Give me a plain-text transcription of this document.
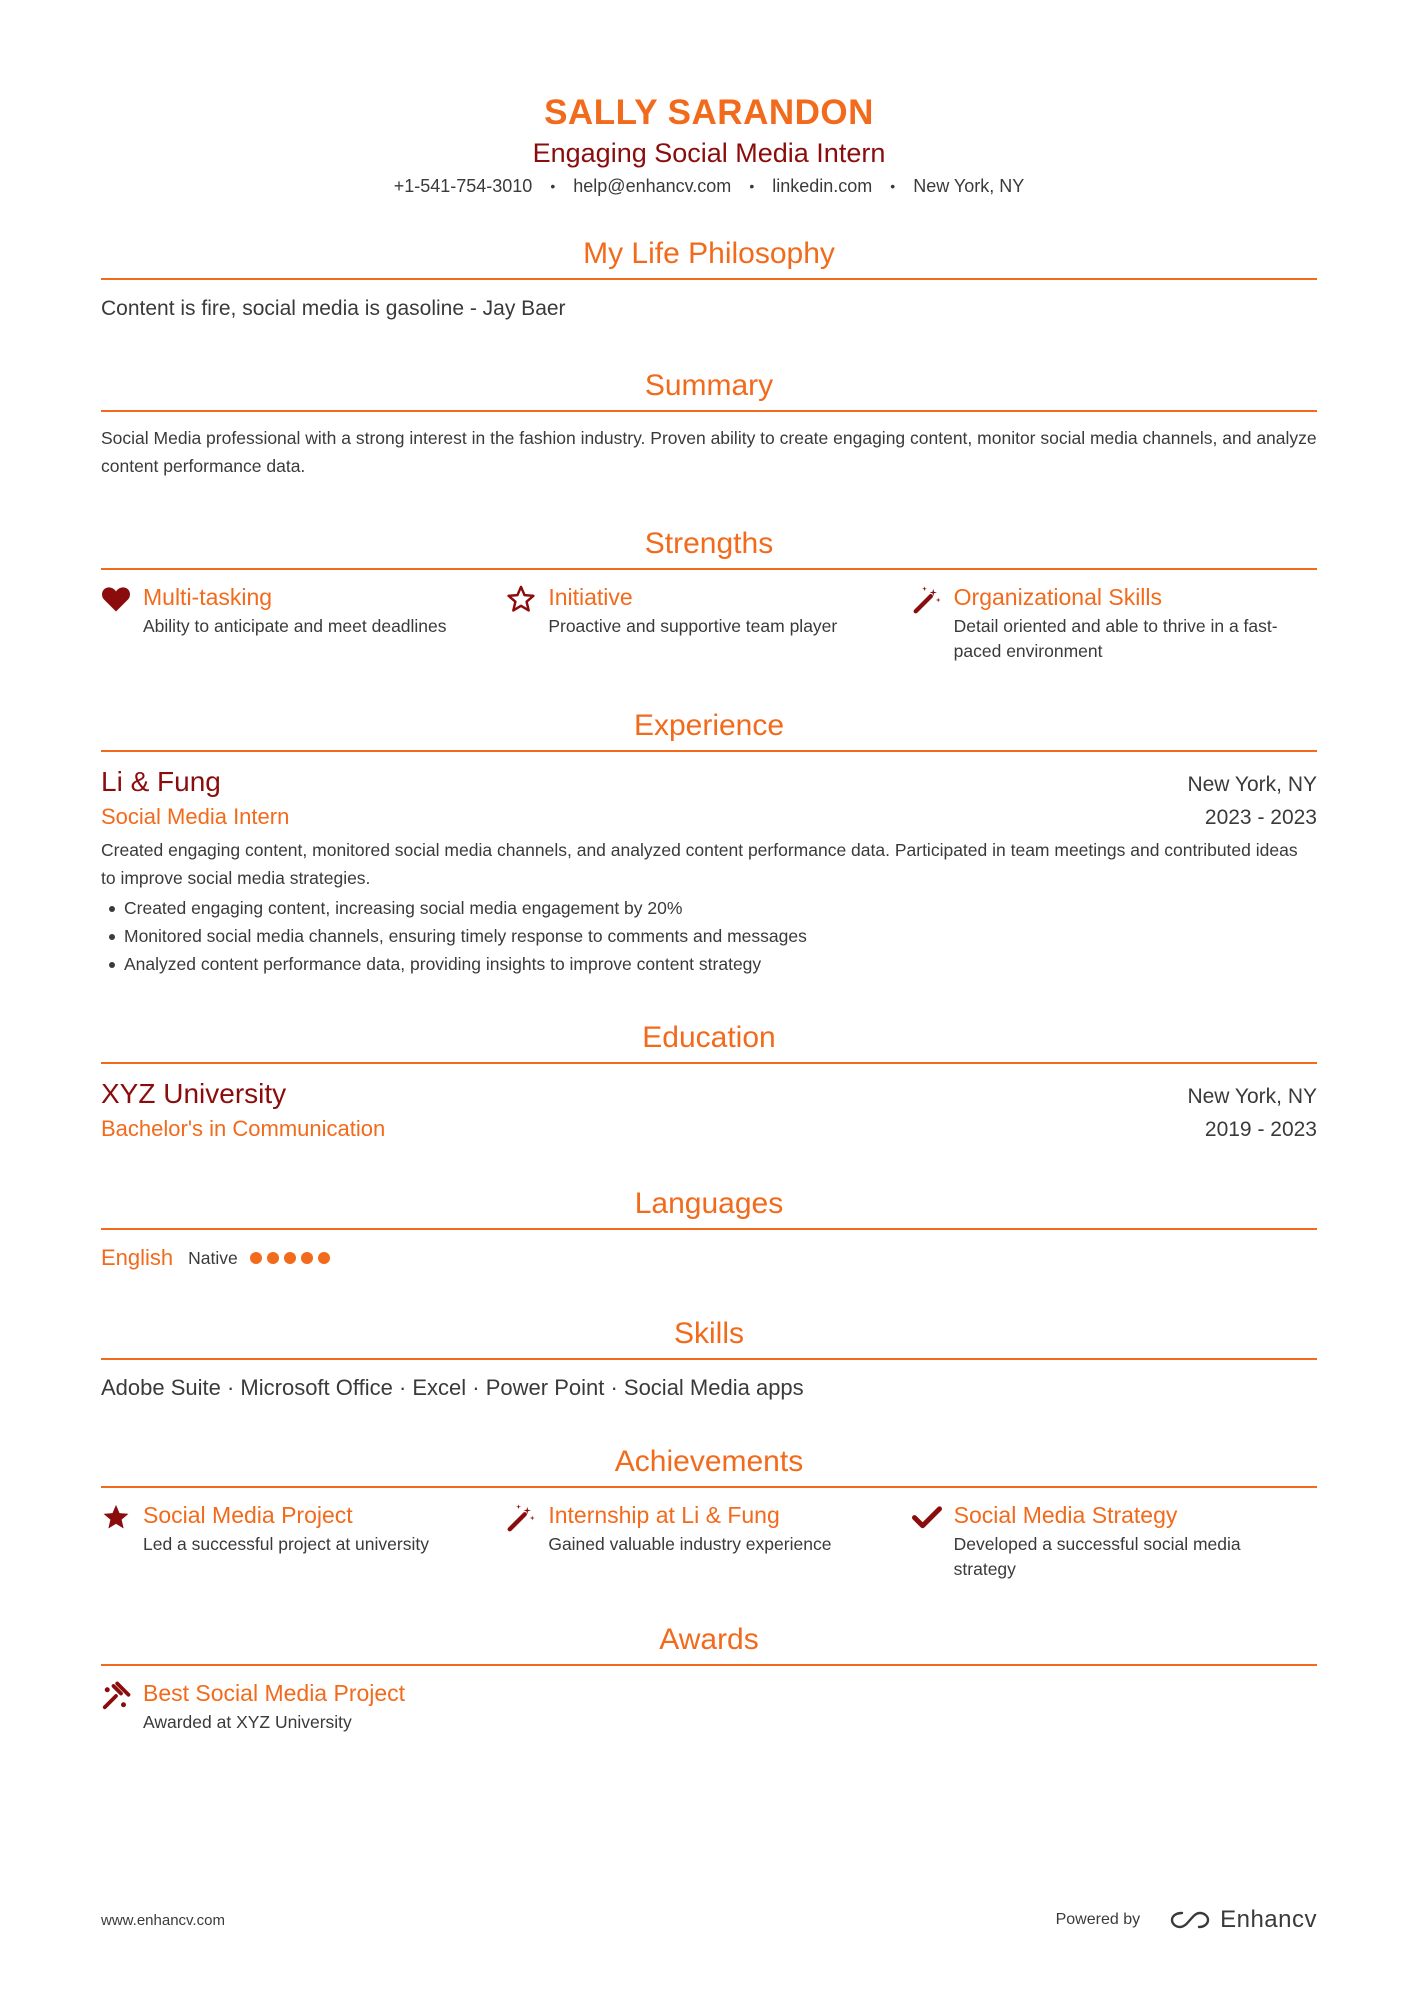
SALLY SARANDON
Engaging Social Media Intern
+1-541-754-3010 • help@enhancv.com • linkedin.com • New York, NY
My Life Philosophy
Content is fire, social media is gasoline - Jay Baer
Summary
Social Media professional with a strong interest in the fashion industry. Proven ability to create engaging content, monitor social media channels, and analyze content performance data.
Strengths
Multi-tasking
Ability to anticipate and meet deadlines
Initiative
Proactive and supportive team player
Organizational Skills
Detail oriented and able to thrive in a fast-paced environment
Experience
Li & Fung	New York, NY
Social Media Intern	2023 - 2023
Created engaging content, monitored social media channels, and analyzed content performance data. Participated in team meetings and contributed ideas to improve social media strategies.
Created engaging content, increasing social media engagement by 20%
Monitored social media channels, ensuring timely response to comments and messages
Analyzed content performance data, providing insights to improve content strategy
Education
XYZ University	New York, NY
Bachelor's in Communication	2019 - 2023
Languages
English Native
Skills
Adobe Suite · Microsoft Office · Excel · Power Point · Social Media apps
Achievements
Social Media Project
Led a successful project at university
Internship at Li & Fung
Gained valuable industry experience
Social Media Strategy
Developed a successful social media strategy
Awards
Best Social Media Project
Awarded at XYZ University
www.enhancv.com	Powered by	Enhancv
